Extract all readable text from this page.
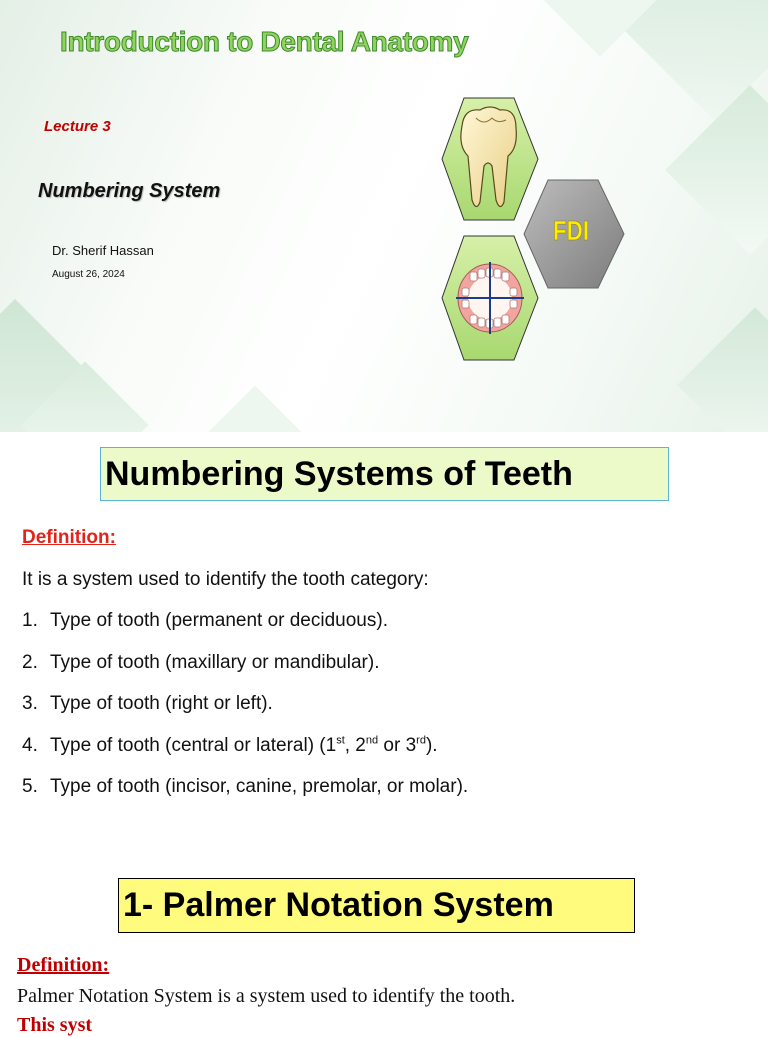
Introduction to Dental Anatomy
Lecture 3
Numbering System
Dr. Sherif Hassan
August 26, 2024
FDI
Numbering Systems of Teeth
Definition:
It is a system used to identify the tooth category:
1. Type of tooth (permanent or deciduous).
2. Type of tooth (maxillary or mandibular).
3. Type of tooth (right or left).
4. Type of tooth (central or lateral) (1st, 2nd or 3rd).
5. Type of tooth (incisor, canine, premolar, or molar).
1- Palmer Notation System
Definition:
Palmer Notation System is a system used to identify the tooth.
This syst
